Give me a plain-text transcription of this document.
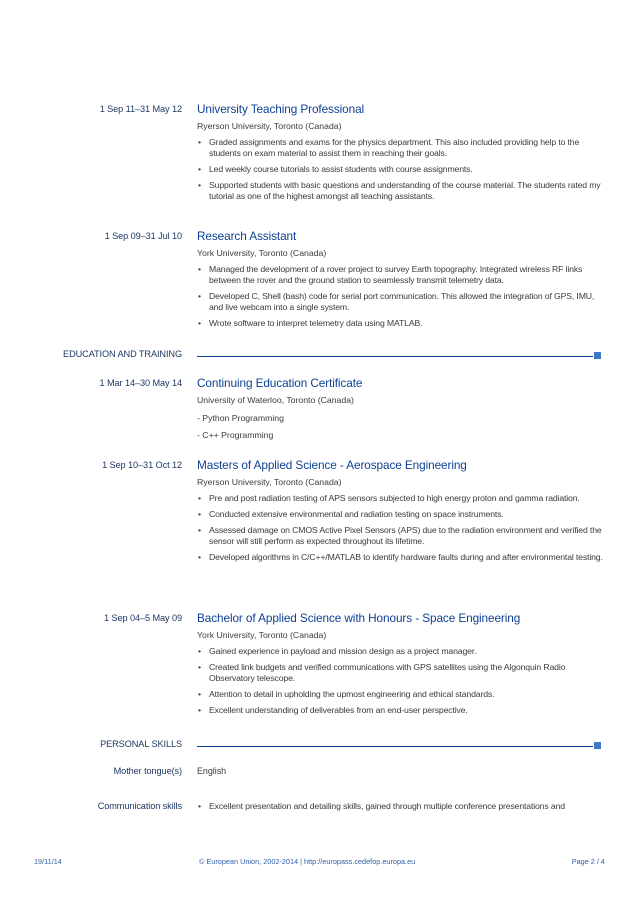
1 Sep 11–31 May 12 University Teaching Professional
Ryerson University, Toronto (Canada)
• Graded assignments and exams for the physics department. This also included providing help to the students on exam material to assist them in reaching their goals.
• Led weekly course tutorials to assist students with course assignments.
• Supported students with basic questions and understanding of the course material. The students rated my tutorial as one of the highest amongst all teaching assistants.
1 Sep 09–31 Jul 10 Research Assistant
York University, Toronto (Canada)
• Managed the development of a rover project to survey Earth topography. Integrated wireless RF links between the rover and the ground station to seamlessly transmit telemetry data.
• Developed C, Shell (bash) code for serial port communication. This allowed the integration of GPS, IMU, and live webcam into a single system.
• Wrote software to interpret telemetry data using MATLAB.
EDUCATION AND TRAINING
1 Mar 14–30 May 14 Continuing Education Certificate
University of Waterloo, Toronto (Canada)
- Python Programming
- C++ Programming
1 Sep 10–31 Oct 12 Masters of Applied Science - Aerospace Engineering
Ryerson University, Toronto (Canada)
• Pre and post radiation testing of APS sensors subjected to high energy proton and gamma radiation.
• Conducted extensive environmental and radiation testing on space instruments.
• Assessed damage on CMOS Active Pixel Sensors (APS) due to the radiation environment and verified the sensor will still perform as expected throughout its lifetime.
• Developed algorithms in C/C++/MATLAB to identify hardware faults during and after environmental testing.
1 Sep 04–5 May 09 Bachelor of Applied Science with Honours - Space Engineering
York University, Toronto (Canada)
• Gained experience in payload and mission design as a project manager.
• Created link budgets and verified communications with GPS satellites using the Algonquin Radio Observatory telescope.
• Attention to detail in upholding the upmost engineering and ethical standards.
• Excellent understanding of deliverables from an end-user perspective.
PERSONAL SKILLS
Mother tongue(s) English
Communication skills • Excellent presentation and detailing skills, gained through multiple conference presentations and
19/11/14	© European Union, 2002-2014 | http://europass.cedefop.europa.eu	Page 2 / 4
